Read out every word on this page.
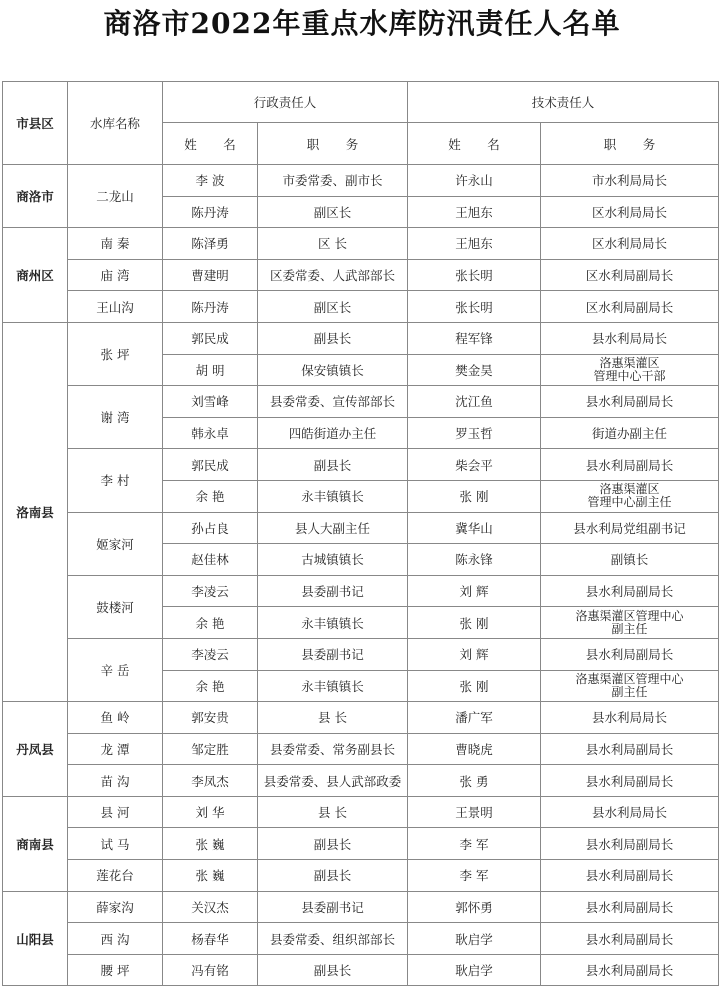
商洛市2022年重点水库防汛责任人名单
市县区	水库名称	行政责任人		技术责任人	
		姓 名	职 务	姓 名	职 务
商洛市	二龙山	李 波	市委常委、副市长	许永山	市水利局局长
		陈丹涛	副区长	王旭东	区水利局局长
商州区	南 秦	陈泽勇	区 长	王旭东	区水利局局长
	庙 湾	曹建明	区委常委、人武部部长	张长明	区水利局副局长
	王山沟	陈丹涛	副区长	张长明	区水利局副局长
洛南县	张 坪	郭民成	副县长	程军锋	县水利局局长
		胡 明	保安镇镇长	樊金昊	洛惠渠灌区
管理中心干部
	谢 湾	刘雪峰	县委常委、宣传部部长	沈江鱼	县水利局副局长
		韩永卓	四皓街道办主任	罗玉哲	街道办副主任
	李 村	郭民成	副县长	柴会平	县水利局副局长
		余 艳	永丰镇镇长	张 刚	洛惠渠灌区
管理中心副主任
	姬家河	孙占良	县人大副主任	冀华山	县水利局党组副书记
		赵佳林	古城镇镇长	陈永锋	副镇长
	鼓楼河	李凌云	县委副书记	刘 辉	县水利局副局长
		余 艳	永丰镇镇长	张 刚	洛惠渠灌区管理中心
副主任
	辛 岳	李凌云	县委副书记	刘 辉	县水利局副局长
		余 艳	永丰镇镇长	张 刚	洛惠渠灌区管理中心
副主任
丹凤县	鱼 岭	郭安贵	县 长	潘广军	县水利局局长
	龙 潭	邹定胜	县委常委、常务副县长	曹晓虎	县水利局副局长
	苗 沟	李凤杰	县委常委、县人武部政委	张 勇	县水利局副局长
商南县	县 河	刘 华	县 长	王景明	县水利局局长
	试 马	张 巍	副县长	李 军	县水利局副局长
	莲花台	张 巍	副县长	李 军	县水利局副局长
山阳县	薛家沟	关汉杰	县委副书记	郭怀勇	县水利局副局长
	西 沟	杨春华	县委常委、组织部部长	耿启学	县水利局副局长
	腰 坪	冯有铭	副县长	耿启学	县水利局副局长
